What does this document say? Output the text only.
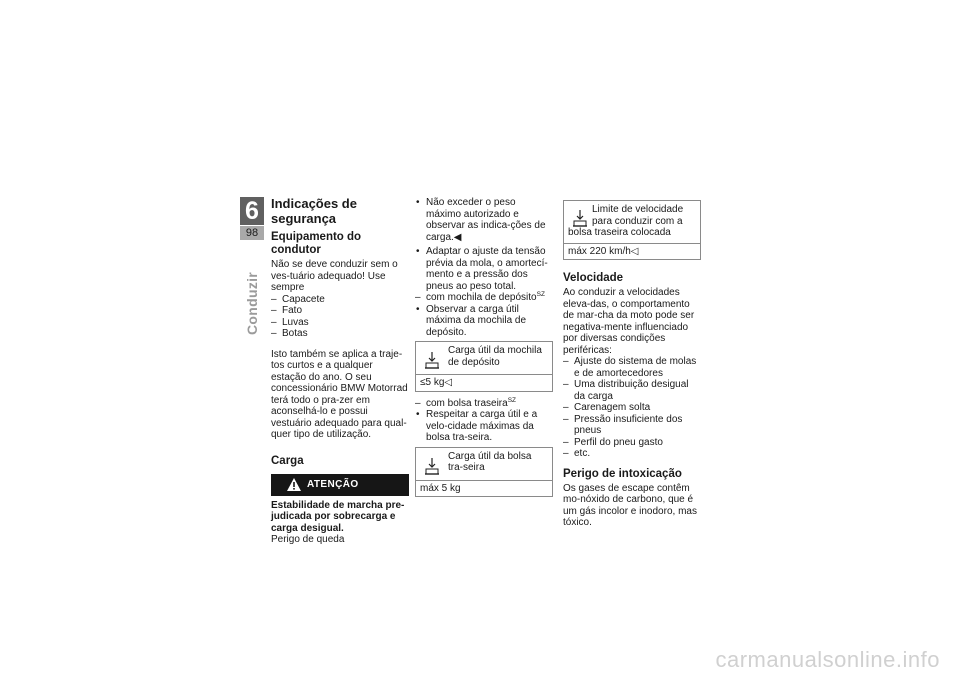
6
98
Conduzir
Indicações de segurança
Equipamento do condutor

Não se deve conduzir sem o ves-tuário adequado! Use sempre

– Capacete
– Fato
– Luvas
– Botas

Isto também se aplica a traje-tos curtos e a qualquer estação do ano. O seu concessionário BMW Motorrad terá todo o pra-zer em aconselhá-lo e possui vestuário adequado para qual-quer tipo de utilização.

Carga
ATENÇÃO

Estabilidade de marcha pre-judicada por sobrecarga e carga desigual.

Perigo de queda

• Não exceder o peso máximo autorizado e observar as indica-ções de carga.◀
• Adaptar o ajuste da tensão prévia da mola, o amortecí-mento e a pressão dos pneus ao peso total.
– com mochila de depósito$^{SZ}$
• Observar a carga útil máxima da mochila de depósito.
Carga útil da mochila de depósito
≤5 kg◁
– com bolsa traseira$^{SZ}$
• Respeitar a carga útil e a velo-cidade máximas da bolsa tra-seira.
Carga útil da bolsa tra-seira
máx 5 kg
Limite de velocidade
para conduzir com a
bolsa traseira colocada
máx 220 km/h◁
Velocidade

Ao conduzir a velocidades eleva-das, o comportamento de mar-cha da moto pode ser negativa-mente influenciado por diversas condições periféricas:

– Ajuste do sistema de molas e de amortecedores
– Uma distribuição desigual da carga
– Carenagem solta
– Pressão insuficiente dos pneus
– Perfil do pneu gasto
– etc.
Perigo de intoxicação

Os gases de escape contêm mo-nóxido de carbono, que é um gás incolor e inodoro, mas tóxico.

carmanualsonline.info
